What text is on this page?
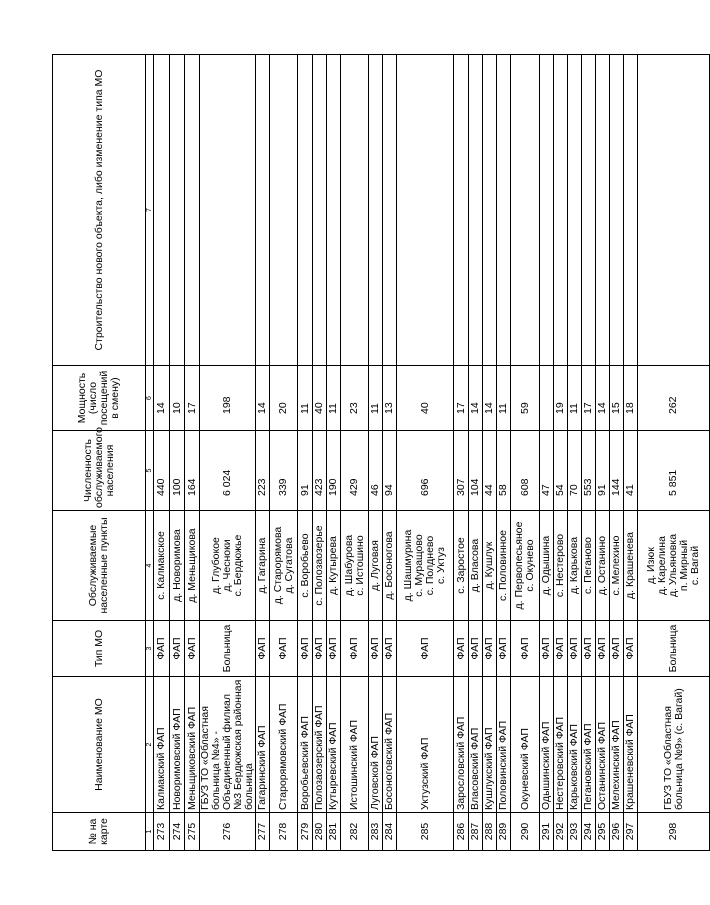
№ на карте	Наименование МО	Тип МО	Обслуживаемые населенные пункты	Численность обслуживаемого населения	Мощность (число посещений в смену)	Строительство нового объекта, либо изменение типа МО
1	2	3	4	5	6	7
273	Калмакский ФАП	ФАП	с. Калмакское	440	14	
274	Новоримовский ФАП	ФАП	д. Новоримова	100	10	
275	Меньщиковский ФАП	ФАП	д. Меньщикова	164	17	
276	ГБУЗ ТО «Областная больница №4» - Объединенный филиал №3 Бердюжская районная больница	Больница	д. Глубокое д. Чеснoки с. Бердюжье	6 024	198	
277	Гагаринский ФАП	ФАП	д. Гагарина	223	14	
278	Старорямовский ФАП	ФАП	д. Старорямова д. Сугатова	339	20	
279	Воробьевский ФАП	ФАП	с. Воробьево	91	11	
280	Полозаозерский ФАП	ФАП	с. Полозаозерье	423	40	
281	Кутыревский ФАП	ФАП	д. Кутырева	190	11	
282	Истошинский ФАП	ФАП	д. Шабурова с. Истошино	429	23	
283	Луговской ФАП	ФАП	д. Луговая	46	11	
284	Босоноговский ФАП	ФАП	д. Босоногова	94	13	
285	Уктузский ФАП	ФАП	д. Шашмурина с. Муращово с. Полднево с. Уктуз	696	40	
286	Зарословский ФАП	ФАП	с. Заростое	307	17	
287	Власовский ФАП	ФАП	д. Власова	104	14	
288	Кушлукский ФАП	ФАП	д. Кушлук	44	14	
289	Половинский ФАП	ФАП	с. Половинное	58	11	
290	Окуневский ФАП	ФАП	д. Первопесьяное с. Окунево	608	59	
291	Одышинский ФАП	ФАП	д. Одышина	47		
292	Нестеровский ФАП	ФАП	с. Нестерово	54	19	
293	Карьковский ФАП	ФАП	д. Карькова	70	11	
294	Пегановский ФАП	ФАП	с. Пеганово	553	17	
295	Останинский ФАП	ФАП	д. Останино	91	14	
296	Мелехинский ФАП	ФАП	с. Мелехино	144	15	
297	Крашеневский ФАП	ФАП	д. Крашенева	41	18	
298	ГБУЗ ТО «Областная больница №9» (с. Вагай)	Больница	д. Изюк д. Карелина д. Ульяновка п. Мирный с. Вагай	5 851	262	
